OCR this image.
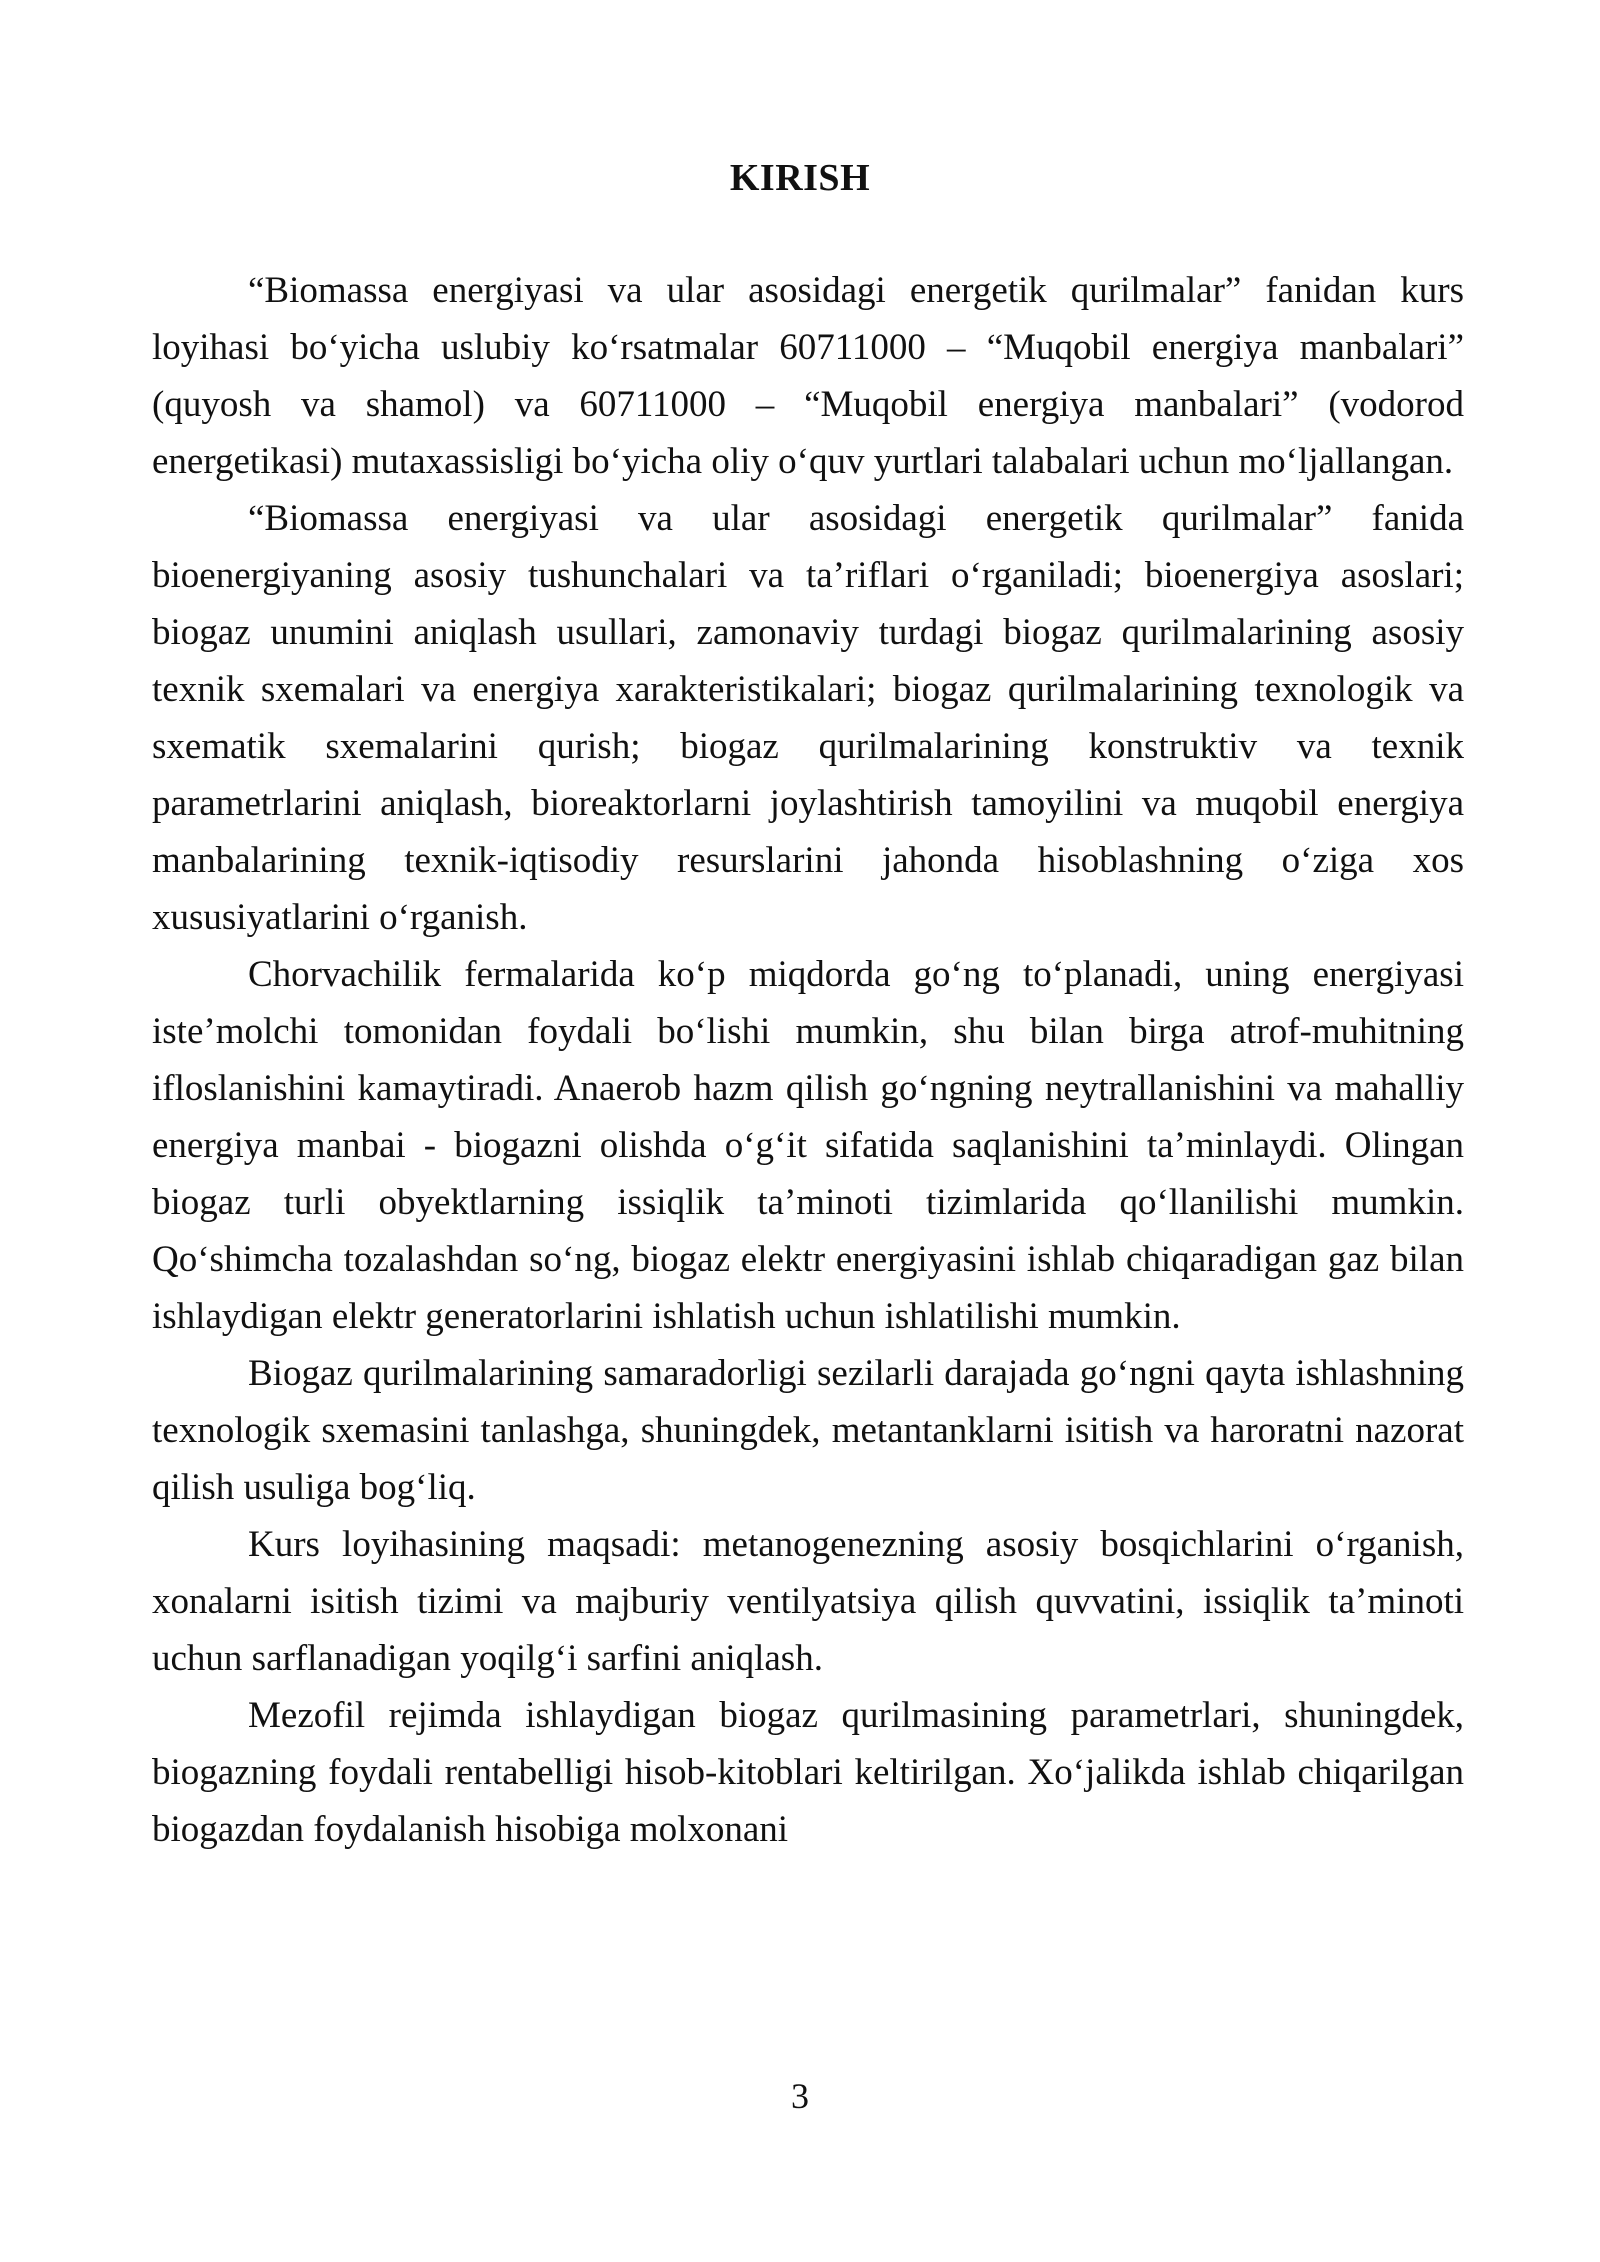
KIRISH

“Biomassa energiyasi va ular asosidagi energetik qurilmalar” fanidan kurs loyihasi bo‘yicha uslubiy ko‘rsatmalar 60711000 – “Muqobil energiya manbalari” (quyosh va shamol) va 60711000 – “Muqobil energiya manbalari” (vodorod energetikasi) mutaxassisligi bo‘yicha oliy o‘quv yurtlari talabalari uchun mo‘ljallangan.

“Biomassa energiyasi va ular asosidagi energetik qurilmalar” fanida bioenergiyaning asosiy tushunchalari va ta’riflari o‘rganiladi; bioenergiya asoslari; biogaz unumini aniqlash usullari, zamonaviy turdagi biogaz qurilmalarining asosiy texnik sxemalari va energiya xarakteristikalari; biogaz qurilmalarining texnologik va sxematik sxemalarini qurish; biogaz qurilmalarining konstruktiv va texnik parametrlarini aniqlash, bioreaktorlarni joylashtirish tamoyilini va muqobil energiya manbalarining texnik-iqtisodiy resurslarini jahonda hisoblashning o‘ziga xos xususiyatlarini o‘rganish.

Chorvachilik fermalarida ko‘p miqdorda go‘ng to‘planadi, uning energiyasi iste’molchi tomonidan foydali bo‘lishi mumkin, shu bilan birga atrof-muhitning ifloslanishini kamaytiradi. Anaerob hazm qilish go‘ngning neytrallanishini va mahalliy energiya manbai - biogazni olishda o‘g‘it sifatida saqlanishini ta’minlaydi. Olingan biogaz turli obyektlarning issiqlik ta’minoti tizimlarida qo‘llanilishi mumkin. Qo‘shimcha tozalashdan so‘ng, biogaz elektr energiyasini ishlab chiqaradigan gaz bilan ishlaydigan elektr generatorlarini ishlatish uchun ishlatilishi mumkin.

Biogaz qurilmalarining samaradorligi sezilarli darajada go‘ngni qayta ishlashning texnologik sxemasini tanlashga, shuningdek, metantanklarni isitish va haroratni nazorat qilish usuliga bog‘liq.

Kurs loyihasining maqsadi: metanogenezning asosiy bosqichlarini o‘rganish, xonalarni isitish tizimi va majburiy ventilyatsiya qilish quvvatini, issiqlik ta’minoti uchun sarflanadigan yoqilg‘i sarfini aniqlash.

Mezofil rejimda ishlaydigan biogaz qurilmasining parametrlari, shuningdek, biogazning foydali rentabelligi hisob-kitoblari keltirilgan. Xo‘jalikda ishlab chiqarilgan biogazdan foydalanish hisobiga molxonani

3
